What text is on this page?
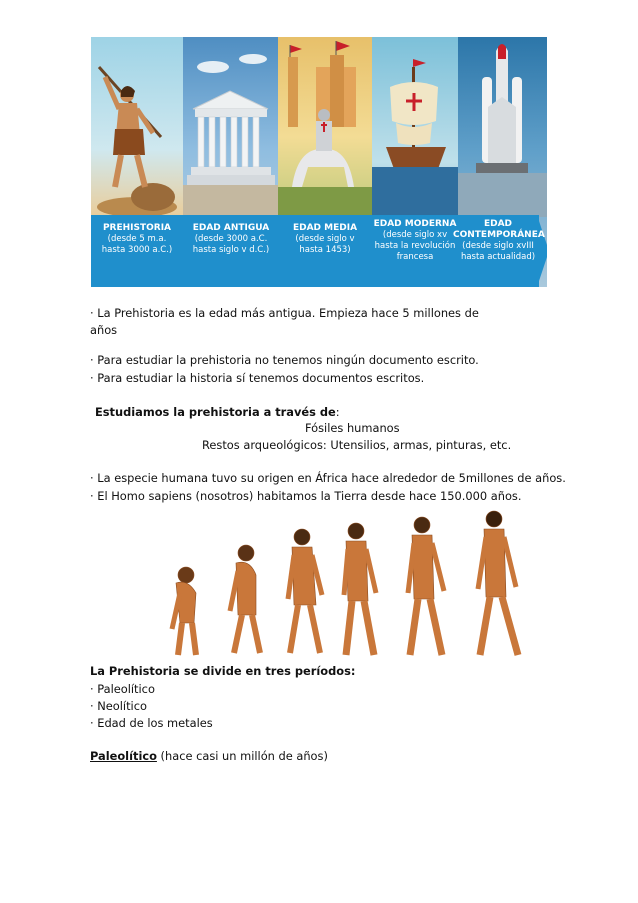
PREHISTORIA
(desde 5 m.a.
hasta 3000 a.C.)
EDAD ANTIGUA
(desde 3000 a.C.
hasta siglo v d.C.)
EDAD MEDIA
(desde siglo v
hasta 1453)
EDAD MODERNA
(desde siglo xv
hasta la revolución
francesa
EDAD
CONTEMPORÁNEA
(desde siglo xvIII
hasta actualidad)
· La Prehistoria es la edad más antigua. Empieza hace 5 millones de
años
· Para estudiar la prehistoria no tenemos ningún documento escrito.
· Para estudiar la historia sí tenemos documentos escritos.
Estudiamos la prehistoria a través de:
Fósiles humanos
Restos arqueológicos: Utensilios, armas, pinturas, etc.
· La especie humana tuvo su origen en África hace alrededor de 5millones de años.
· El Homo sapiens (nosotros) habitamos la Tierra desde hace 150.000 años.
La Prehistoria se divide en tres períodos:
· Paleolítico
· Neolítico
· Edad de los metales
Paleolítico (hace casi un millón de años)
